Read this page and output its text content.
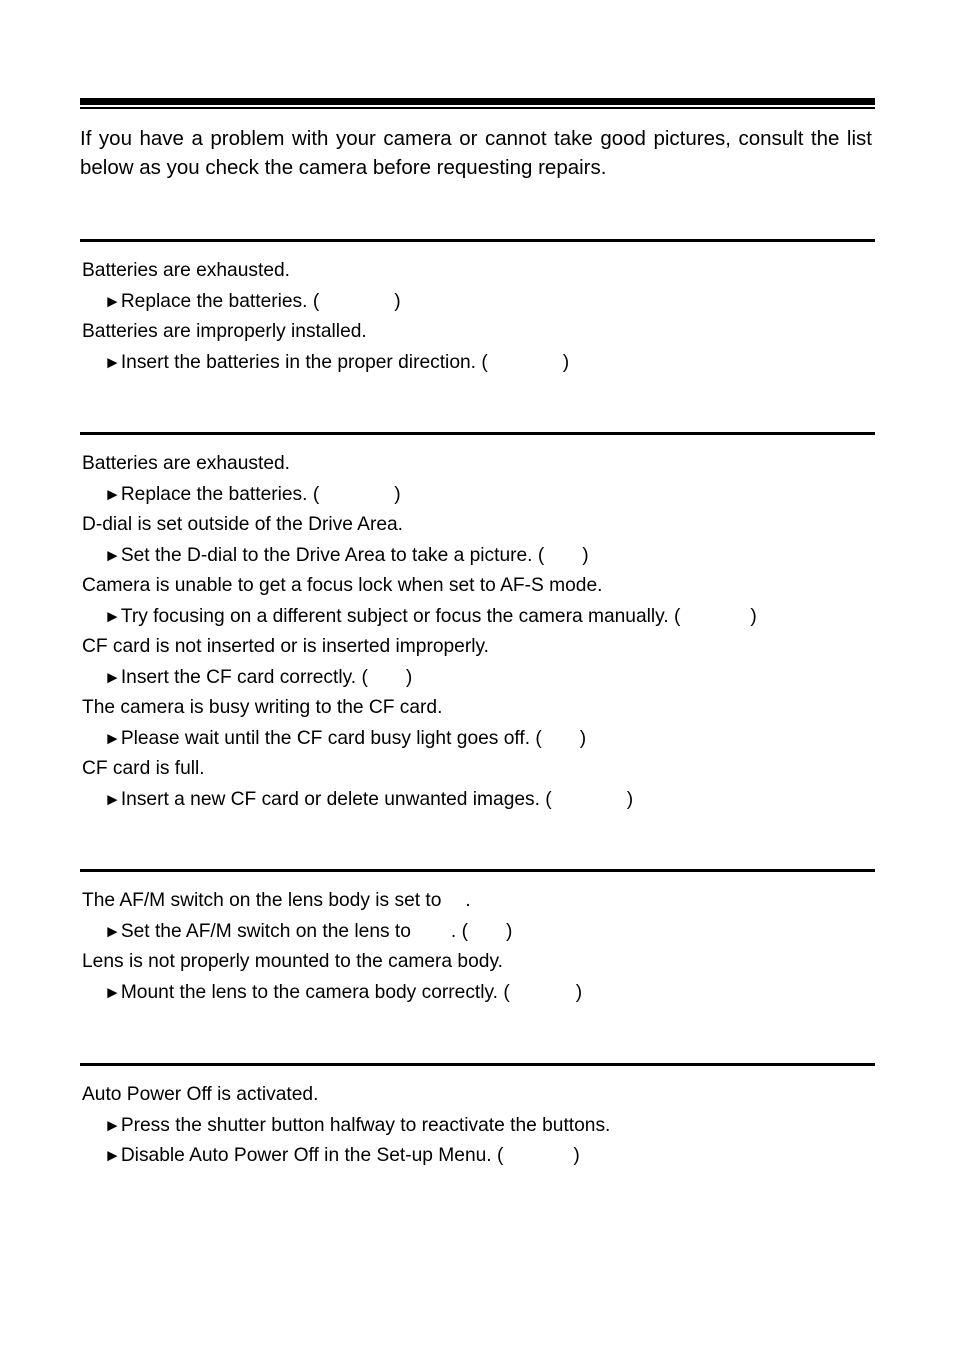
If you have a problem with your camera or cannot take good pictures, consult the list below as you check the camera before requesting repairs.

Batteries are exhausted.
►Replace the batteries. (	)
Batteries are improperly installed.
►Insert the batteries in the proper direction. (	)
Batteries are exhausted.
►Replace the batteries. (	)
D-dial is set outside of the Drive Area.
►Set the D-dial to the Drive Area to take a picture. ( )
Camera is unable to get a focus lock when set to AF-S mode.
►Try focusing on a different subject or focus the camera manually. (	)
CF card is not inserted or is inserted improperly.
►Insert the CF card correctly. ( )
The camera is busy writing to the CF card.
►Please wait until the CF card busy light goes off. ( )
CF card is full.
►Insert a new CF card or delete unwanted images. (	)
The AF/M switch on the lens body is set to .
►Set the AF/M switch on the lens to . ( )
Lens is not properly mounted to the camera body.
►Mount the lens to the camera body correctly. (	)
Auto Power Off is activated.
►Press the shutter button halfway to reactivate the buttons.
►Disable Auto Power Off in the Set-up Menu. (	)
